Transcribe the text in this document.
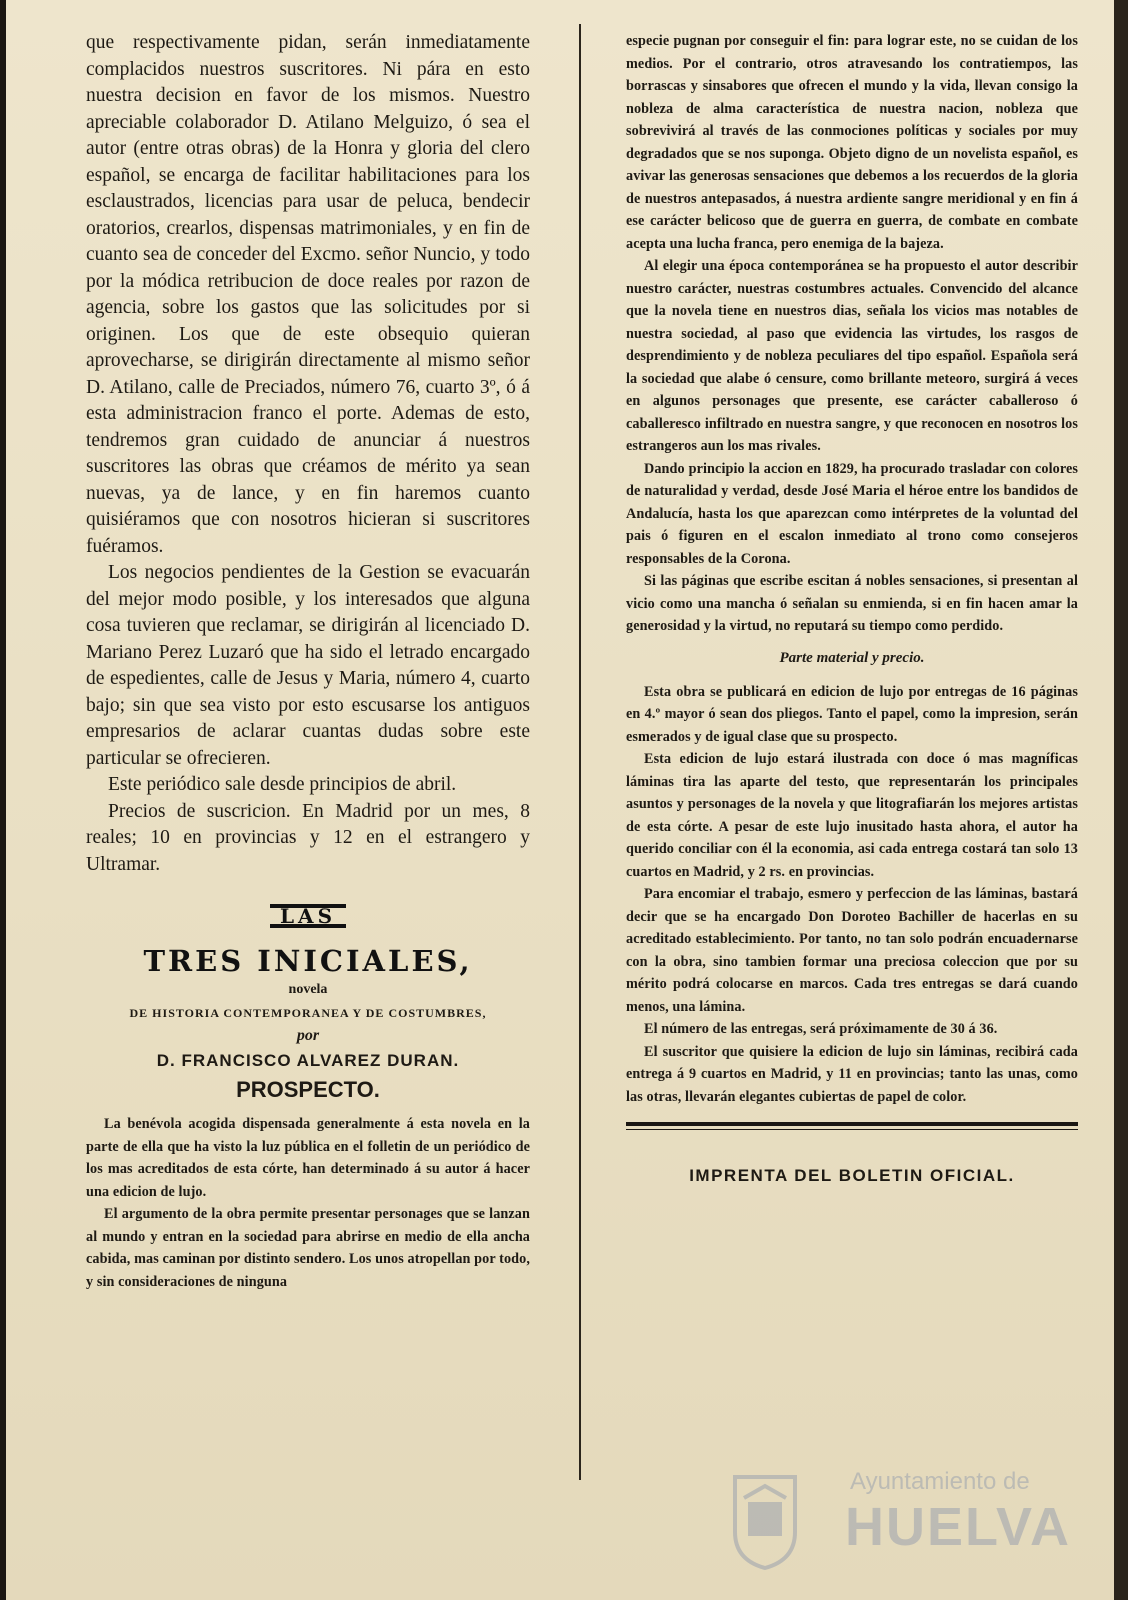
que respectivamente pidan, serán inmediatamente complacidos nuestros suscritores. Ni pára en esto nuestra decision en favor de los mismos. Nuestro apreciable colaborador D. Atilano Melguizo, ó sea el autor (entre otras obras) de la Honra y gloria del clero español, se encarga de facilitar habilitaciones para los esclaustrados, licencias para usar de peluca, bendecir oratorios, crearlos, dispensas matrimoniales, y en fin de cuanto sea de conceder del Excmo. señor Nuncio, y todo por la módica retribucion de doce reales por razon de agencia, sobre los gastos que las solicitudes por si originen. Los que de este obsequio quieran aprovecharse, se dirigirán directamente al mismo señor D. Atilano, calle de Preciados, número 76, cuarto 3º, ó á esta administracion franco el porte. Ademas de esto, tendremos gran cuidado de anunciar á nuestros suscritores las obras que créamos de mérito ya sean nuevas, ya de lance, y en fin haremos cuanto quisiéramos que con nosotros hicieran si suscritores fuéramos.

Los negocios pendientes de la Gestion se evacuarán del mejor modo posible, y los interesados que alguna cosa tuvieren que reclamar, se dirigirán al licenciado D. Mariano Perez Luzaró que ha sido el letrado encargado de espedientes, calle de Jesus y Maria, número 4, cuarto bajo; sin que sea visto por esto escusarse los antiguos empresarios de aclarar cuantas dudas sobre este particular se ofrecieren.

Este periódico sale desde principios de abril.

Precios de suscricion. En Madrid por un mes, 8 reales; 10 en provincias y 12 en el estrangero y Ultramar.

LAS
TRES INICIALES,
novela
DE HISTORIA CONTEMPORANEA Y DE COSTUMBRES,
por
D. FRANCISCO ALVAREZ DURAN.
PROSPECTO.

La benévola acogida dispensada generalmente á esta novela en la parte de ella que ha visto la luz pública en el folletin de un periódico de los mas acreditados de esta córte, han determinado á su autor á hacer una edicion de lujo.

El argumento de la obra permite presentar personages que se lanzan al mundo y entran en la sociedad para abrirse en medio de ella ancha cabida, mas caminan por distinto sendero. Los unos atropellan por todo, y sin consideraciones de ninguna

especie pugnan por conseguir el fin: para lograr este, no se cuidan de los medios. Por el contrario, otros atravesando los contratiempos, las borrascas y sinsabores que ofrecen el mundo y la vida, llevan consigo la nobleza de alma característica de nuestra nacion, nobleza que sobrevivirá al través de las conmociones políticas y sociales por muy degradados que se nos suponga. Objeto digno de un novelista español, es avivar las generosas sensaciones que debemos a los recuerdos de la gloria de nuestros antepasados, á nuestra ardiente sangre meridional y en fin á ese carácter belicoso que de guerra en guerra, de combate en combate acepta una lucha franca, pero enemiga de la bajeza.

Al elegir una época contemporánea se ha propuesto el autor describir nuestro carácter, nuestras costumbres actuales. Convencido del alcance que la novela tiene en nuestros dias, señala los vicios mas notables de nuestra sociedad, al paso que evidencia las virtudes, los rasgos de desprendimiento y de nobleza peculiares del tipo español. Española será la sociedad que alabe ó censure, como brillante meteoro, surgirá á veces en algunos personages que presente, ese carácter caballeroso ó caballeresco infiltrado en nuestra sangre, y que reconocen en nosotros los estrangeros aun los mas rivales.

Dando principio la accion en 1829, ha procurado trasladar con colores de naturalidad y verdad, desde José Maria el héroe entre los bandidos de Andalucía, hasta los que aparezcan como intérpretes de la voluntad del pais ó figuren en el escalon inmediato al trono como consejeros responsables de la Corona.

Si las páginas que escribe escitan á nobles sensaciones, si presentan al vicio como una mancha ó señalan su enmienda, si en fin hacen amar la generosidad y la virtud, no reputará su tiempo como perdido.

Parte material y precio.

Esta obra se publicará en edicion de lujo por entregas de 16 páginas en 4.º mayor ó sean dos pliegos. Tanto el papel, como la impresion, serán esmerados y de igual clase que su prospecto.

Esta edicion de lujo estará ilustrada con doce ó mas magníficas láminas tira las aparte del testo, que representarán los principales asuntos y personages de la novela y que litografiarán los mejores artistas de esta córte. A pesar de este lujo inusitado hasta ahora, el autor ha querido conciliar con él la economia, asi cada entrega costará tan solo 13 cuartos en Madrid, y 2 rs. en provincias.

Para encomiar el trabajo, esmero y perfeccion de las láminas, bastará decir que se ha encargado Don Doroteo Bachiller de hacerlas en su acreditado establecimiento. Por tanto, no tan solo podrán encuadernarse con la obra, sino tambien formar una preciosa coleccion que por su mérito podrá colocarse en marcos. Cada tres entregas se dará cuando menos, una lámina.

El número de las entregas, será próximamente de 30 á 36.

El suscritor que quisiere la edicion de lujo sin láminas, recibirá cada entrega á 9 cuartos en Madrid, y 11 en provincias; tanto las unas, como las otras, llevarán elegantes cubiertas de papel de color.

IMPRENTA DEL BOLETIN OFICIAL.
Ayuntamiento de
HUELVA
